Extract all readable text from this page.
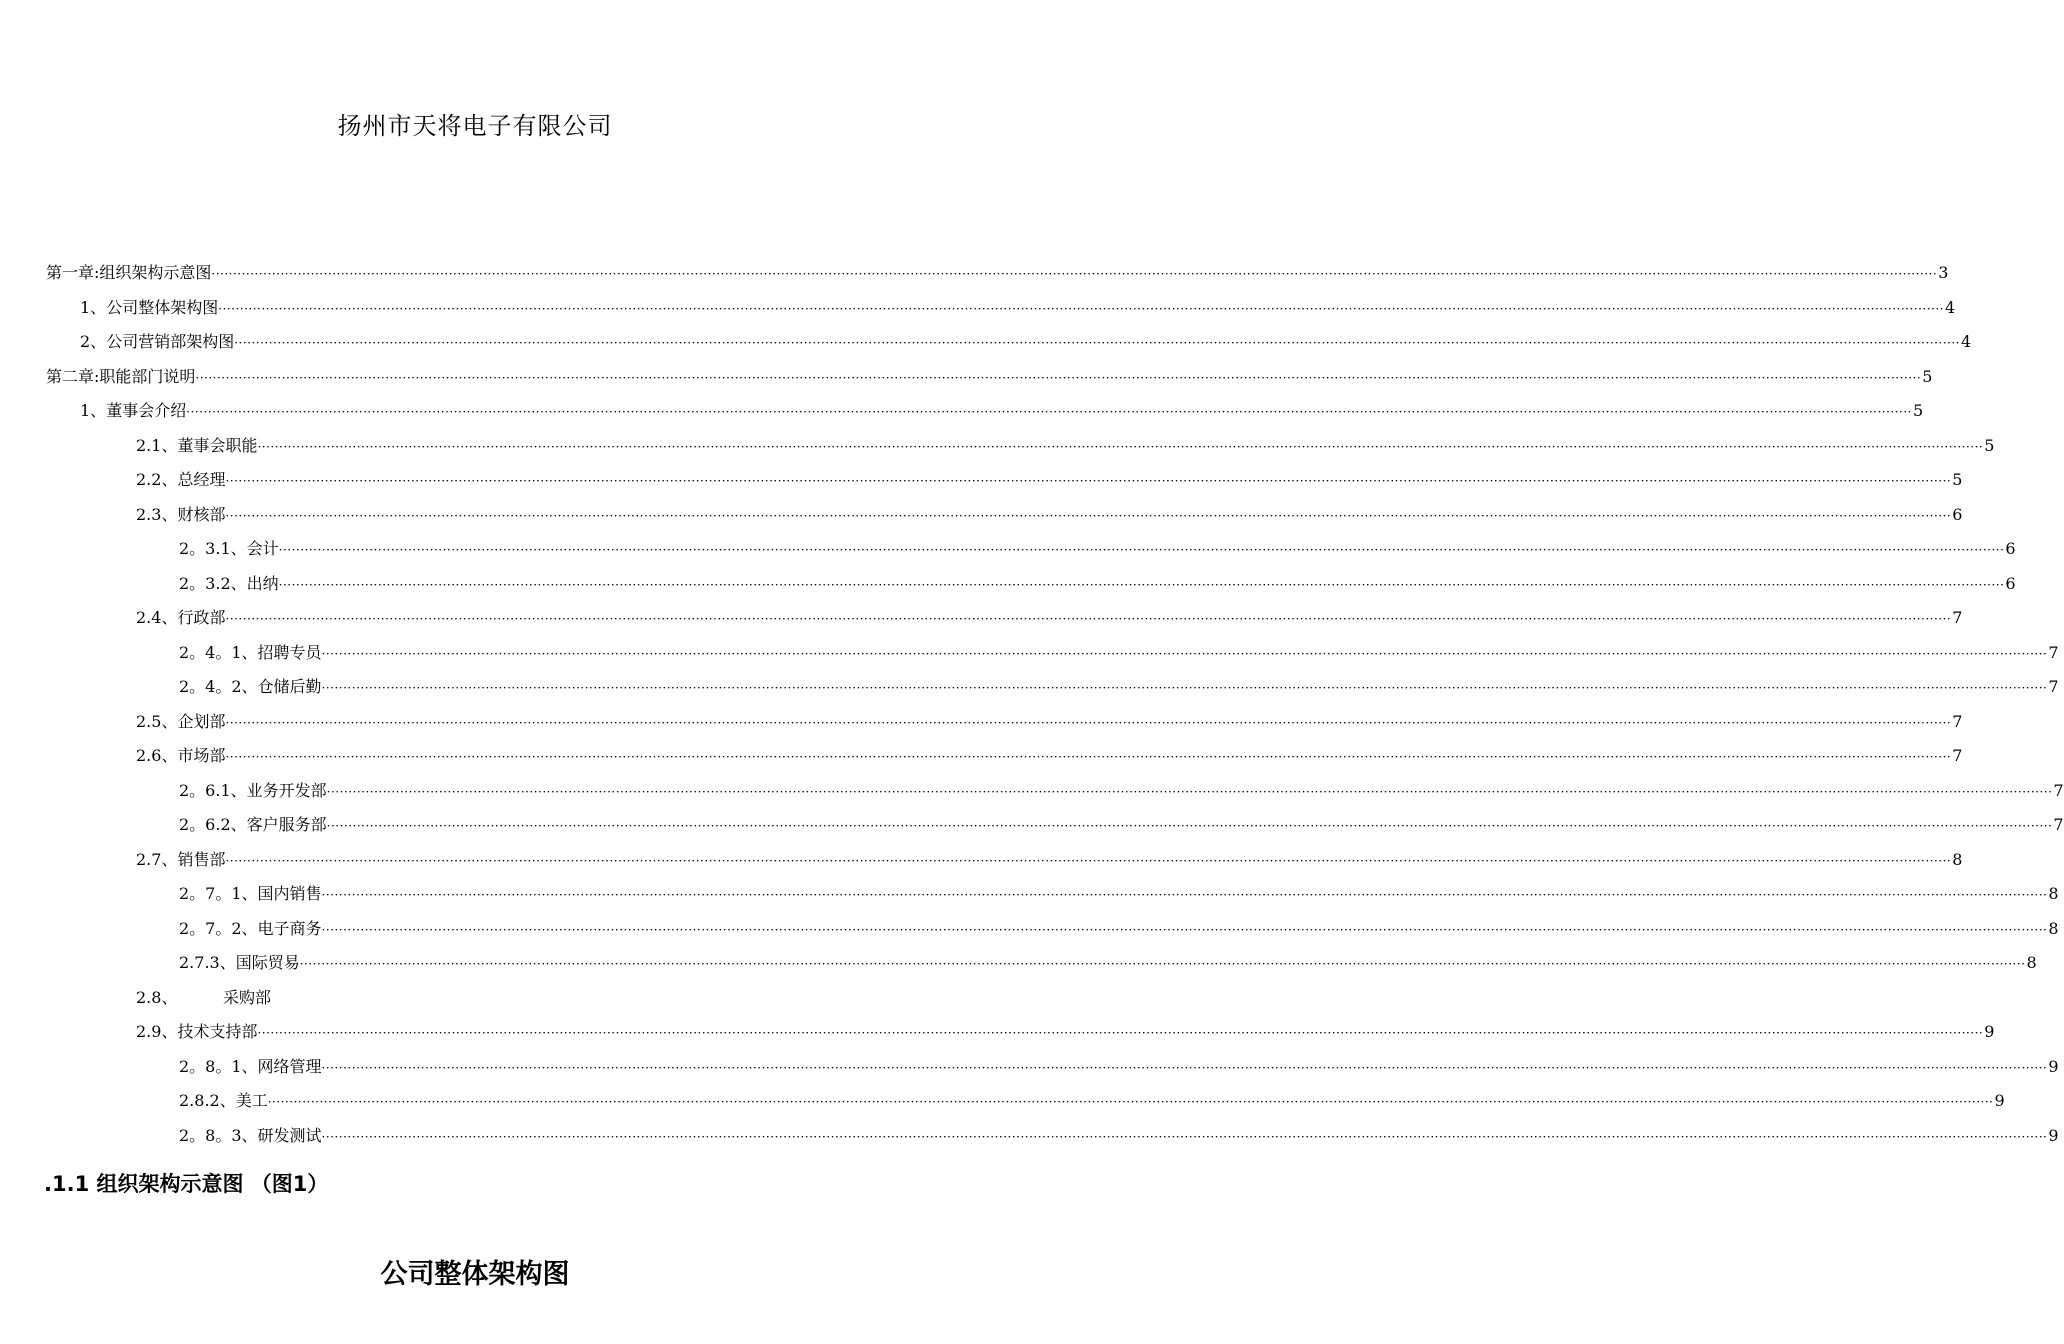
扬州市天将电子有限公司
第一章:组织架构示意图 ················································································································································································································································································································································································································ 3
1、 公司整体架构图 ················································································································································································································································································································································································································ 4
2、 公司营销部架构图 ················································································································································································································································································································································································································ 4
第二章:职能部门说明 ················································································································································································································································································································································································································ 5
1、 董事会介绍 ················································································································································································································································································································································································································ 5
2.1、 董事会职能 ················································································································································································································································································································································································································ 5
2.2、 总经理 ················································································································································································································································································································································································································ 5
2.3、 财核部 ················································································································································································································································································································································································································ 6
2。3.1、会计 ················································································································································································································································································································································································································ 6
2。3.2、出纳 ················································································································································································································································································································································································································ 6
2.4、 行政部 ················································································································································································································································································································································································································ 7
2。4。1、招聘专员 ················································································································································································································································································································································································································ 7
2。4。2、仓储后勤 ················································································································································································································································································································································································································ 7
2.5、 企划部 ················································································································································································································································································································································································································ 7
2.6、 市场部 ················································································································································································································································································································································································································ 7
2。6.1、业务开发部 ················································································································································································································································································································································································································ 7
2。6.2、客户服务部 ················································································································································································································································································································································································································ 7
2.7、 销售部 ················································································································································································································································································································································································································ 8
2。7。1、国内销售 ················································································································································································································································································································································································································ 8
2。7。2、电子商务 ················································································································································································································································································································································································································ 8
2.7.3、国际贸易 ················································································································································································································································································································································································································ 8
2.8、	采购部
2.9、 技术支持部 ················································································································································································································································································································································································································ 9
2。8。1、网络管理 ················································································································································································································································································································································································································ 9
2.8.2、美工 ················································································································································································································································································································································································································ 9
2。8。3、研发测试 ················································································································································································································································································································································································································ 9
.1.1 组织架构示意图 （图1）
公司整体架构图
